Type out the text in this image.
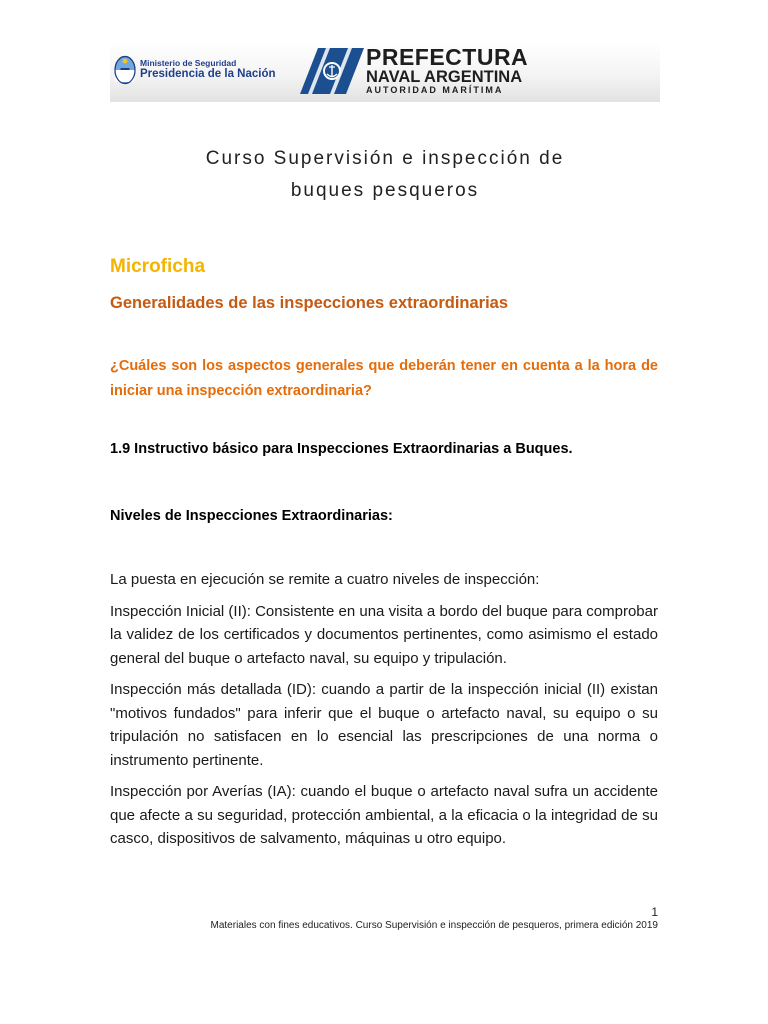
Ministerio de Seguridad
Presidencia de la Nación
PREFECTURA
NAVAL ARGENTINA
AUTORIDAD MARÍTIMA
Curso Supervisión e inspección de
buques pesqueros
Microficha
Generalidades de las inspecciones extraordinarias
¿Cuáles son los aspectos generales que deberán tener en cuenta a la hora de iniciar una inspección extraordinaria?
1.9 Instructivo básico para Inspecciones Extraordinarias a Buques.
Niveles de Inspecciones Extraordinarias:

La puesta en ejecución se remite a cuatro niveles de inspección:

Inspección Inicial (II): Consistente en una visita a bordo del buque para comprobar la validez de los certificados y documentos pertinentes, como asimismo el estado general del buque o artefacto naval, su equipo y tripulación.

Inspección más detallada (ID): cuando a partir de la inspección inicial (II) existan "motivos fundados" para inferir que el buque o artefacto naval, su equipo o su tripulación no satisfacen en lo esencial las prescripciones de una norma o instrumento pertinente.

Inspección por Averías (IA): cuando el buque o artefacto naval sufra un accidente que afecte a su seguridad, protección ambiental, a la eficacia o la integridad de su casco, dispositivos de salvamento, máquinas u otro equipo.

1
Materiales con fines educativos. Curso Supervisión e inspección de pesqueros, primera edición 2019
